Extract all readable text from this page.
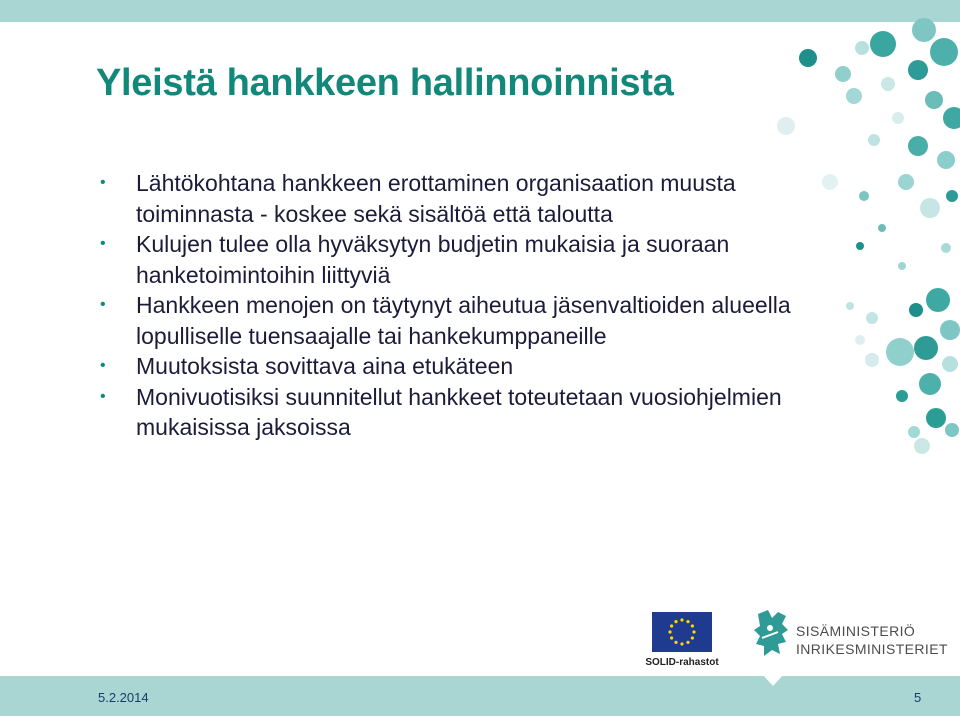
Yleistä hankkeen hallinnoinnista
• Lähtökohtana hankkeen erottaminen organisaation muusta toiminnasta - koskee sekä sisältöä että taloutta
• Kulujen tulee olla hyväksytyn budjetin mukaisia ja suoraan hanketoimintoihin liittyviä
• Hankkeen menojen on täytynyt aiheutua jäsenvaltioiden alueella lopulliselle tuensaajalle tai hankekumppaneille
• Muutoksista sovittava aina etukäteen
• Monivuotisiksi suunnitellut hankkeet toteutetaan vuosiohjelmien mukaisissa jaksoissa
SOLID-rahastot
SISÄMINISTERIÖ
INRIKESMINISTERIET
5.2.2014	5
